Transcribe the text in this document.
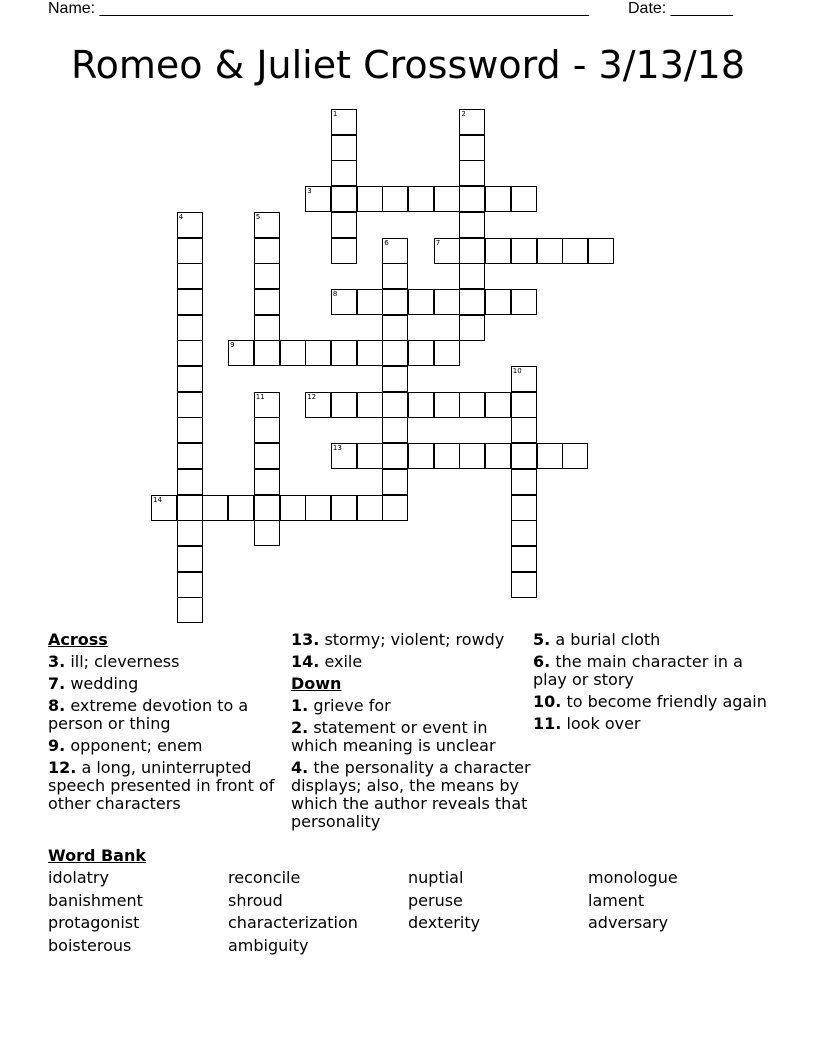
Name: _______________________________________________________ Date: _______
Romeo & Juliet Crossword - 3/13/18
1	2
3
4	5
6	7
8
9
10
11	12
13
14
Across
3. ill; cleverness
7. wedding
8. extreme devotion to a person or thing
9. opponent; enem
12. a long, uninterrupted speech presented in front of other characters
13. stormy; violent; rowdy
14. exile
Down
1. grieve for
2. statement or event in which meaning is unclear
4. the personality a character displays; also, the means by which the author reveals that personality
5. a burial cloth
6. the main character in a play or story
10. to become friendly again
11. look over
Word Bank
idolatry	reconcile	nuptial	monologue
banishment	shroud	peruse	lament
protagonist	characterization	dexterity	adversary
boisterous	ambiguity
